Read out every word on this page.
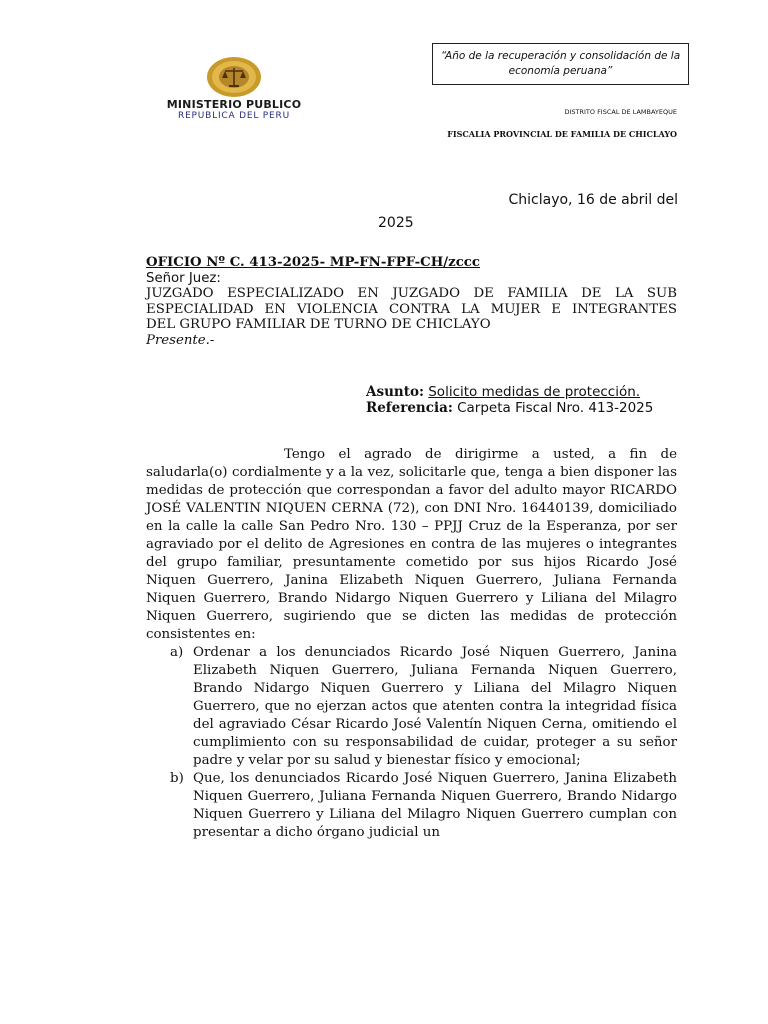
MINISTERIO PUBLICO
REPUBLICA DEL PERU
“Año de la recuperación y consolidación de la economía peruana”
DISTRITO FISCAL DE LAMBAYEQUE
FISCALIA PROVINCIAL DE FAMILIA DE CHICLAYO
Chiclayo, 16 de abril del
2025
OFICIO Nº C. 413-2025- MP-FN-FPF-CH/zccc
Señor Juez:
JUZGADO ESPECIALIZADO EN JUZGADO DE FAMILIA DE LA SUB
ESPECIALIDAD EN VIOLENCIA CONTRA LA MUJER E INTEGRANTES
DEL GRUPO FAMILIAR DE TURNO DE CHICLAYO
Presente.-
Asunto: Solicito medidas de protección.
Referencia: Carpeta Fiscal Nro. 413-2025

Tengo el agrado de dirigirme a usted, a fin de saludarla(o) cordialmente y a la vez, solicitarle que, tenga a bien disponer las medidas de protección que correspondan a favor del adulto mayor RICARDO JOSÉ VALENTIN NIQUEN CERNA (72), con DNI Nro. 16440139, domiciliado en la calle la calle San Pedro Nro. 130 – PPJJ Cruz de la Esperanza, por ser agraviado por el delito de Agresiones en contra de las mujeres o integrantes del grupo familiar, presuntamente cometido por sus hijos Ricardo José Niquen Guerrero, Janina Elizabeth Niquen Guerrero, Juliana Fernanda Niquen Guerrero, Brando Nidargo Niquen Guerrero y Liliana del Milagro Niquen Guerrero, sugiriendo que se dicten las medidas de protección consistentes en:

a) Ordenar a los denunciados Ricardo José Niquen Guerrero, Janina Elizabeth Niquen Guerrero, Juliana Fernanda Niquen Guerrero, Brando Nidargo Niquen Guerrero y Liliana del Milagro Niquen Guerrero, que no ejerzan actos que atenten contra la integridad física del agraviado César Ricardo José Valentín Niquen Cerna, omitiendo el cumplimiento con su responsabilidad de cuidar, proteger a su señor padre y velar por su salud y bienestar físico y emocional;
b) Que, los denunciados Ricardo José Niquen Guerrero, Janina Elizabeth Niquen Guerrero, Juliana Fernanda Niquen Guerrero, Brando Nidargo Niquen Guerrero y Liliana del Milagro Niquen Guerrero cumplan con presentar a dicho órgano judicial un
